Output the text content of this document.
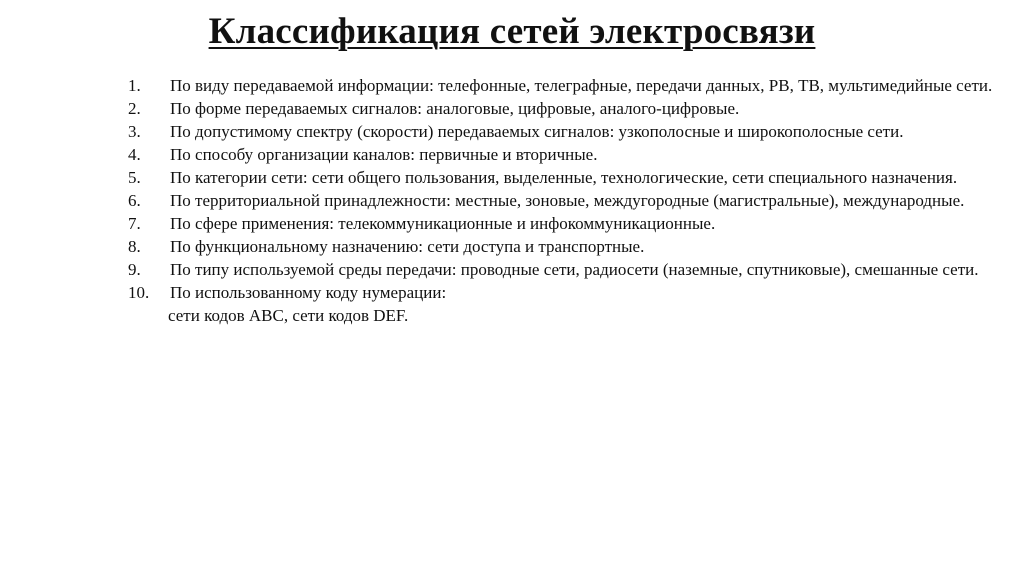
Классификация сетей электросвязи
1.	По виду передаваемой информации: телефонные, телеграфные, передачи данных, РВ, ТВ, мультимедийные сети.
2.	По форме передаваемых сигналов: аналоговые, цифровые, аналого-цифровые.
3.	По допустимому спектру (скорости) передаваемых сигналов: узкополосные и широкополосные сети.
4.	По способу организации каналов: первичные и вторичные.
5.	По категории сети: сети общего пользования, выделенные, технологические, сети специального назначения.
6.	По территориальной принадлежности: местные, зоновые, междугородные (магистральные), международные.
7.	По сфере применения: телекоммуникационные и инфокоммуникационные.
8.	По функциональному назначению: сети доступа и транспортные.
9.	По типу используемой среды передачи: проводные сети, радиосети (наземные, спутниковые), смешанные сети.
10.	По использованному коду нумерации:
сети кодов ABC, сети кодов DEF.
